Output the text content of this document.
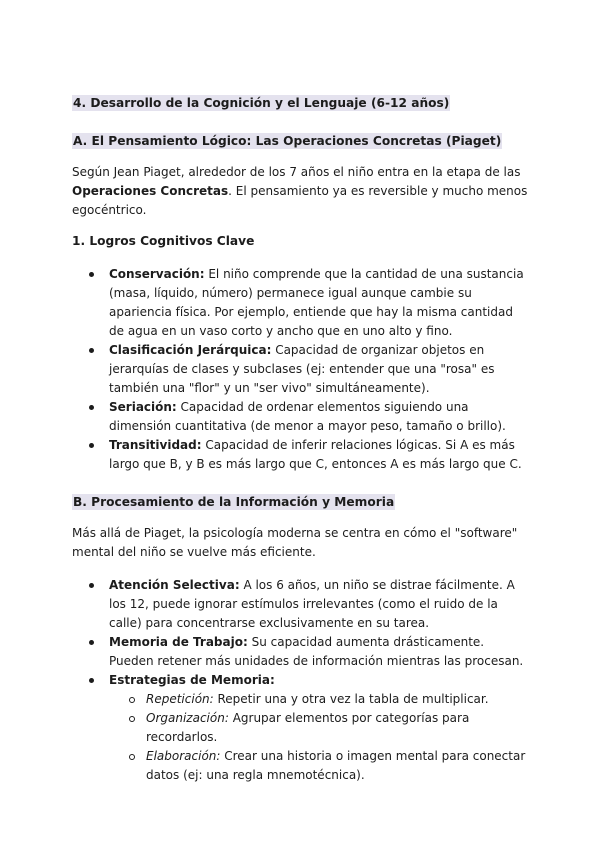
4. Desarrollo de la Cognición y el Lenguaje (6-12 años)
A. El Pensamiento Lógico: Las Operaciones Concretas (Piaget)

Según Jean Piaget, alrededor de los 7 años el niño entra en la etapa de las Operaciones Concretas. El pensamiento ya es reversible y mucho menos egocéntrico.

1. Logros Cognitivos Clave
Conservación: El niño comprende que la cantidad de una sustancia (masa, líquido, número) permanece igual aunque cambie su apariencia física. Por ejemplo, entiende que hay la misma cantidad de agua en un vaso corto y ancho que en uno alto y fino.
Clasificación Jerárquica: Capacidad de organizar objetos en jerarquías de clases y subclases (ej: entender que una "rosa" es también una "flor" y un "ser vivo" simultáneamente).
Seriación: Capacidad de ordenar elementos siguiendo una dimensión cuantitativa (de menor a mayor peso, tamaño o brillo).
Transitividad: Capacidad de inferir relaciones lógicas. Si A es más largo que B, y B es más largo que C, entonces A es más largo que C.
B. Procesamiento de la Información y Memoria

Más allá de Piaget, la psicología moderna se centra en cómo el "software" mental del niño se vuelve más eficiente.

Atención Selectiva: A los 6 años, un niño se distrae fácilmente. A los 12, puede ignorar estímulos irrelevantes (como el ruido de la calle) para concentrarse exclusivamente en su tarea.
Memoria de Trabajo: Su capacidad aumenta drásticamente. Pueden retener más unidades de información mientras las procesan.
Estrategias de Memoria:
Repetición: Repetir una y otra vez la tabla de multiplicar.
Organización: Agrupar elementos por categorías para recordarlos.
Elaboración: Crear una historia o imagen mental para conectar datos (ej: una regla mnemotécnica).
